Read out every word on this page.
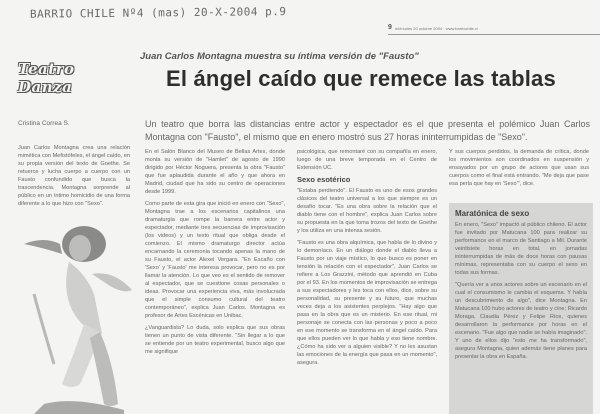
BARRIO CHILE Nº4 (mas) 20-X-2004 p.9
9 miércoles 20 octubre 2004 · www.barriochile.cl
Teatro Danza
Juan Carlos Montagna muestra su íntima versión de "Fausto"
El ángel caído que remece las tablas
Cristina Correa S.	Un teatro que borra las distancias entre actor y espectador es el que presenta el polémico Juan Carlos Montagna con "Fausto", el mismo que en enero mostró sus 27 horas ininterrumpidas de "Sexo".

Juan Carlos Montagna crea una relación mimética con Mefistófeles, el ángel caído, en su propia versión del texto de Goethe. Se retuerce y lucha cuerpo a cuerpo con un Fausto confundido que busca la trascendencia. Montagna sorprende al público en un íntimo homicidio de una forma diferente a lo que hizo con "Sexo".

En el Salón Blanco del Museo de Bellas Artes, donde monta su versión de "Hamlet" de agosto de 1990 dirigido por Héctor Noguera, presenta la obra "Fausto" que fue aplaudida durante el año y que ahora en Madrid, ciudad que ha sido su centro de operaciones desde 1999.

Como parte de esta gira que inició en enero con "Sexo", Montagna trae a los escenarios capitalinos una dramaturgia que rompe la barrera entre actor y espectador, mediante tres secuencias de improvisación (los videos) y un texto ritual que obliga desde el comienzo. El mismo dramaturgo director actúa encarnando la ceremonia tocando apenas la mano de su Fausto, el actor Alexei Vergara. "En Escaño con 'Sexo' y 'Fausto' me interesa provocar, pero no es por llamar la atención. Lo que veo es el sentido de remover al espectador, que se cuestione cosas personales o ideas. Provocar una experiencia viva, más involucrada que el simple consumo cultural del teatro contemporáneo", explica Juan Carlos. Montagna es profesor de Artes Escénicas en Unibac.

¿Vanguardista? Lo duda, solo explica que sus obras tienen un punto de vista diferente. "Sin llegar a lo que se entiende por un teatro experimental, busco algo que me signifique

psicológica, que remontaré con su compañía en enero, luego de una breve temporada en el Centro de Extensión UC.

Sexo esotérico

"Estaba perdiendo". El Fausto es uno de esos grandes clásicos del teatro universal a los que siempre es un desafío tocar. "Es una obra sobre la relación que el diablo tiene con el hombre", explica Juan Carlos sobre su propuesta en la que toma trozos del texto de Goethe y los utiliza en una intensa sesión.

"Fausto es una obra alquímica, que habla de lo divino y lo demoníaco. En un diálogo donde el diablo lleva a Fausto por un viaje místico, lo que busco es poner en tensión la relación con el espectador", Juan Carlos se refiere a Los Grazzini, método que aprendió en Cuba por el 93. En los momentos de improvisación se entrega a sus espectadores y les toca con ellos, dice, sobre su personalidad, su presente y su futuro, que muchas veces deja a los asistentes perplejos. "Hay algo que pasa en la obra que es un misterio. En ese ritual, mi personaje se conecta con las personas y poco a poco en ese momento se transforma en el ángel caído. Para que ellos pueden ver lo que habla y eso tiene nombre. ¿Cómo ha sido ver a alguien visible? Y no les asustan las emociones de la energía que pasa en un momento", asegura.

Y sus cuerpos perdidos, la demanda de crítica, donde los movimientos son coordinados en suspensión y ensayados por un grupo de actores que usan sus cuerpos como el final está entrando. "Me deja que pase esa perla que hay en 'Sexo'", dice.

Maratónica de sexo

En enero, "Sexo" impactó al público chileno. El actor fue invitado por Matucana 100 para realizar su performance en el marco de Santiago a Mil. Durante veintisiete horas en total, en jornadas ininterrumpidas de más de doce horas con pausas mínimas, representaba con su cuerpo el sexo en todas sus formas.

"Quería ver a unos actores sobre un escenario en el cual el consumismo le cambia el esquema. Y había un descubrimiento de algo", dice Montagna. En Matucana 100 hubo actores de teatro y cine; Ricardo Moraga, Claudia Pérez y Felipe Ríos, quienes desarrollaron la performance por horas en el escenario. "Fue algo que nadie se había imaginado". Y uno de ellos dijo "esto me ha transformado", asegura Montagna, quien además tiene planes para presentar la obra en España.
